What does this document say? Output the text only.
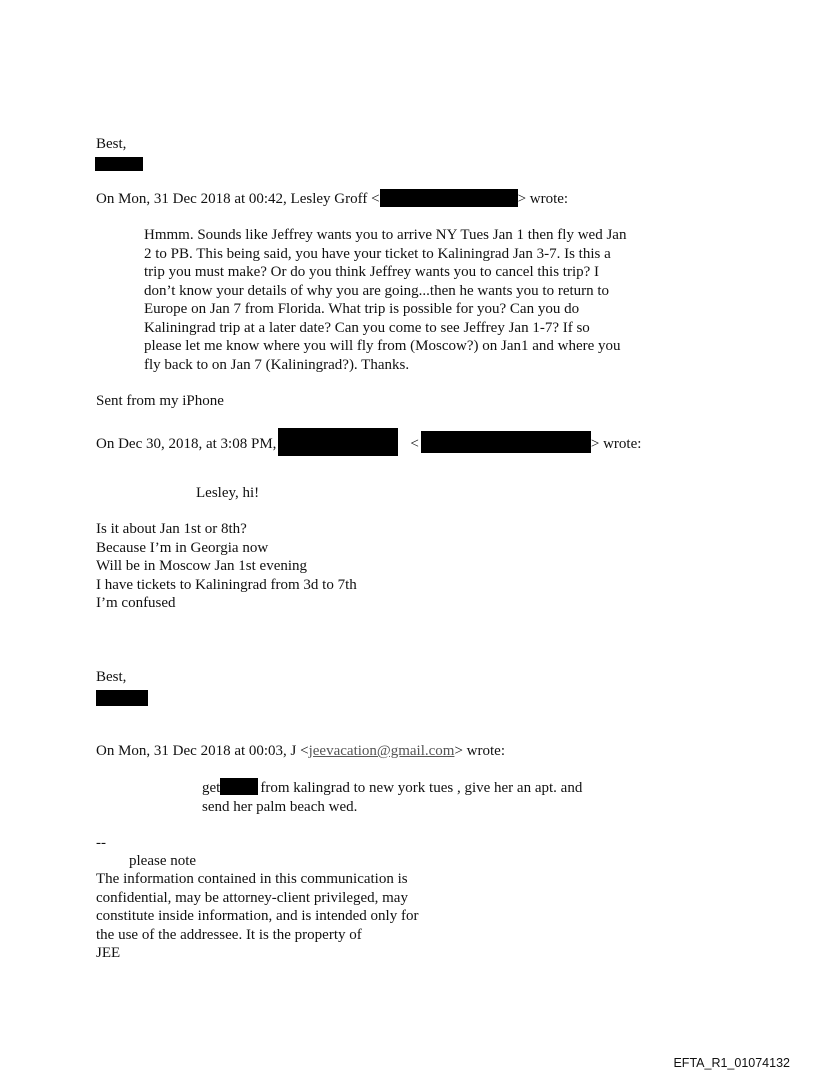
Best,
On Mon, 31 Dec 2018 at 00:42, Lesley Groff <	> wrote:
Hmmm. Sounds like Jeffrey wants you to arrive NY Tues Jan 1 then fly wed Jan
2 to PB. This being said, you have your ticket to Kaliningrad Jan 3-7. Is this a
trip you must make? Or do you think Jeffrey wants you to cancel this trip? I
don’t know your details of why you are going...then he wants you to return to
Europe on Jan 7 from Florida. What trip is possible for you? Can you do
Kaliningrad trip at a later date? Can you come to see Jeffrey Jan 1-7? If so
please let me know where you will fly from (Moscow?) on Jan1 and where you
fly back to on Jan 7 (Kaliningrad?). Thanks.
Sent from my iPhone
On Dec 30, 2018, at 3:08 PM,	<	> wrote:
Lesley, hi!
Is it about Jan 1st or 8th?
Because I’m in Georgia now
Will be in Moscow Jan 1st evening
I have tickets to Kaliningrad from 3d to 7th
I’m confused
Best,
On Mon, 31 Dec 2018 at 00:03, J <jeevacation@gmail.com> wrote:
get	from kalingrad to new york tues , give her an apt. and
send her palm beach wed.
--
please note
The information contained in this communication is
confidential, may be attorney-client privileged, may
constitute inside information, and is intended only for
the use of the addressee. It is the property of
JEE
EFTA_R1_01074132
